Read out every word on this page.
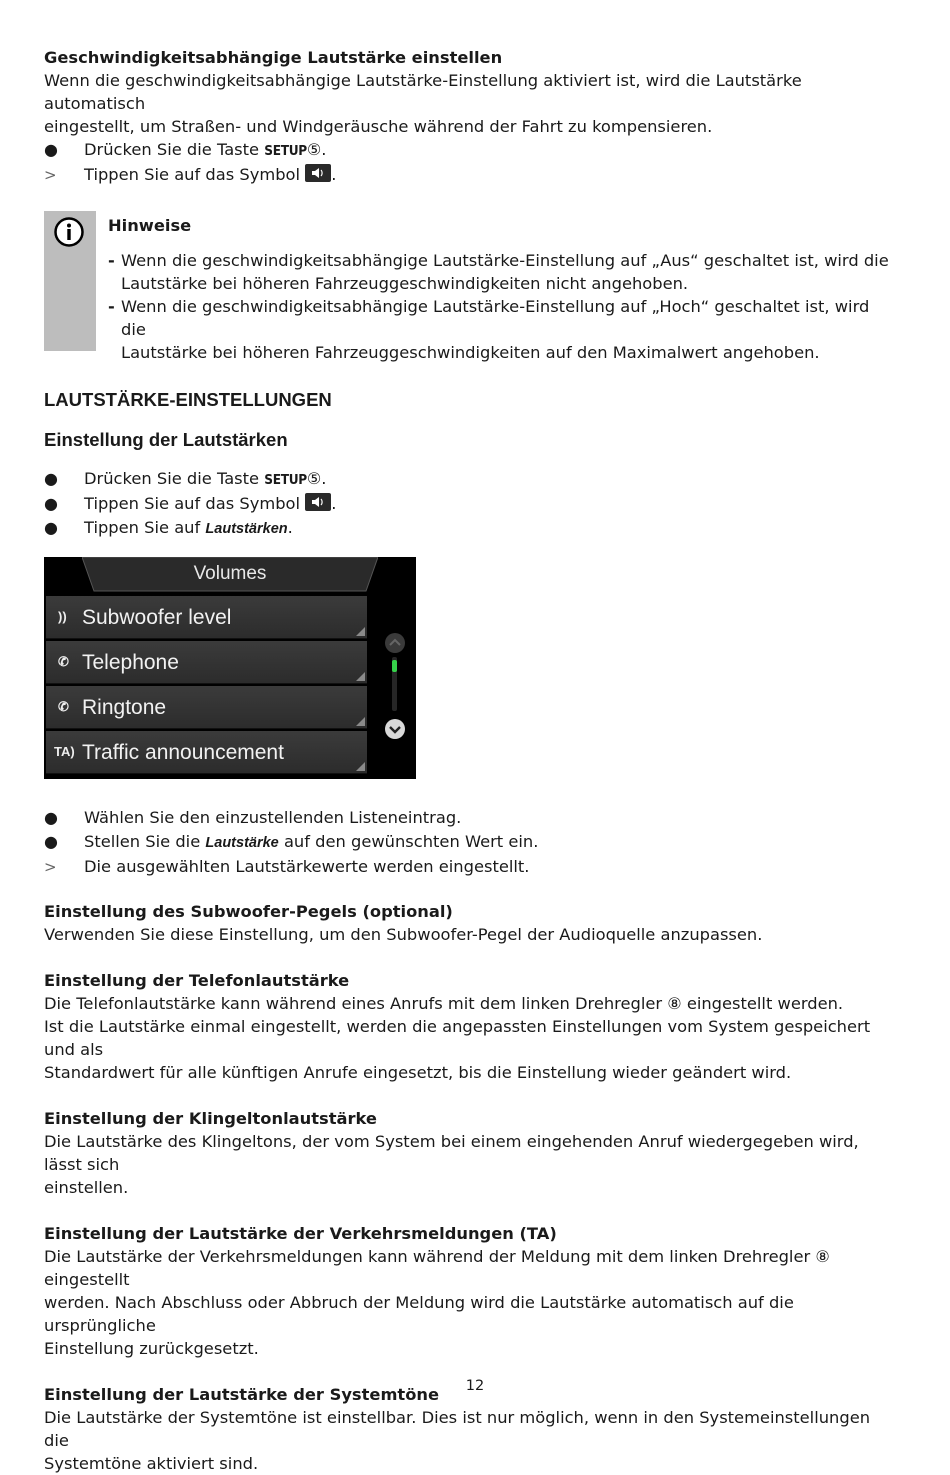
Geschwindigkeitsabhängige Lautstärke einstellen

Wenn die geschwindigkeitsabhängige Lautstärke-Einstellung aktiviert ist, wird die Lautstärke automatisch

eingestellt, um Straßen- und Windgeräusche während der Fahrt zu kompensieren.

●	Drücken Sie die Taste SETUP⑤.
>	Tippen Sie auf das Symbol .
Hinweise
- Wenn die geschwindigkeitsabhängige Lautstärke-Einstellung auf „Aus“ geschaltet ist, wird die
Lautstärke bei höheren Fahrzeuggeschwindigkeiten nicht angehoben.
- Wenn die geschwindigkeitsabhängige Lautstärke-Einstellung auf „Hoch“ geschaltet ist, wird die
Lautstärke bei höheren Fahrzeuggeschwindigkeiten auf den Maximalwert angehoben.
LAUTSTÄRKE-EINSTELLUNGEN
Einstellung der Lautstärken
●	Drücken Sie die Taste SETUP⑤.
●	Tippen Sie auf das Symbol .
●	Tippen Sie auf Lautstärken.
Volumes
)) Subwoofer level
✆ Telephone
✆ Ringtone
TA) Traffic announcement
●	Wählen Sie den einzustellenden Listeneintrag.
●	Stellen Sie die Lautstärke auf den gewünschten Wert ein.
>	Die ausgewählten Lautstärkewerte werden eingestellt.

Einstellung des Subwoofer-Pegels (optional)

Verwenden Sie diese Einstellung, um den Subwoofer-Pegel der Audioquelle anzupassen.

Einstellung der Telefonlautstärke

Die Telefonlautstärke kann während eines Anrufs mit dem linken Drehregler ⑧ eingestellt werden.

Ist die Lautstärke einmal eingestellt, werden die angepassten Einstellungen vom System gespeichert und als

Standardwert für alle künftigen Anrufe eingesetzt, bis die Einstellung wieder geändert wird.

Einstellung der Klingeltonlautstärke

Die Lautstärke des Klingeltons, der vom System bei einem eingehenden Anruf wiedergegeben wird, lässt sich

einstellen.

Einstellung der Lautstärke der Verkehrsmeldungen (TA)

Die Lautstärke der Verkehrsmeldungen kann während der Meldung mit dem linken Drehregler ⑧ eingestellt

werden. Nach Abschluss oder Abbruch der Meldung wird die Lautstärke automatisch auf die ursprüngliche

Einstellung zurückgesetzt.

Einstellung der Lautstärke der Systemtöne

Die Lautstärke der Systemtöne ist einstellbar. Dies ist nur möglich, wenn in den Systemeinstellungen die

Systemtöne aktiviert sind.

12
